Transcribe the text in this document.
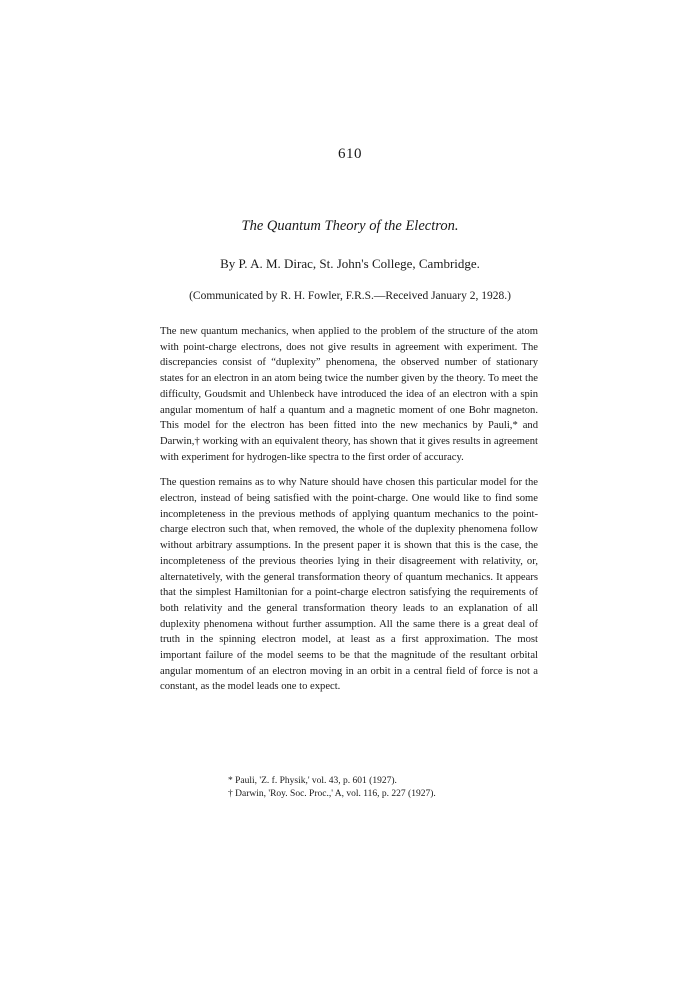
610
The Quantum Theory of the Electron.
By P. A. M. Dirac, St. John's College, Cambridge.
(Communicated by R. H. Fowler, F.R.S.—Received January 2, 1928.)

The new quantum mechanics, when applied to the problem of the structure of the atom with point-charge electrons, does not give results in agreement with experiment. The discrepancies consist of “duplexity” phenomena, the observed number of stationary states for an electron in an atom being twice the number given by the theory. To meet the difficulty, Goudsmit and Uhlenbeck have introduced the idea of an electron with a spin angular momentum of half a quantum and a magnetic moment of one Bohr magneton. This model for the electron has been fitted into the new mechanics by Pauli,* and Darwin,† working with an equivalent theory, has shown that it gives results in agreement with experiment for hydrogen-like spectra to the first order of accuracy.

The question remains as to why Nature should have chosen this particular model for the electron, instead of being satisfied with the point-charge. One would like to find some incompleteness in the previous methods of applying quantum mechanics to the point-charge electron such that, when removed, the whole of the duplexity phenomena follow without arbitrary assumptions. In the present paper it is shown that this is the case, the incompleteness of the previous theories lying in their disagreement with relativity, or, alternatetively, with the general transformation theory of quantum mechanics. It appears that the simplest Hamiltonian for a point-charge electron satisfying the requirements of both relativity and the general transformation theory leads to an explanation of all duplexity phenomena without further assumption. All the same there is a great deal of truth in the spinning electron model, at least as a first approximation. The most important failure of the model seems to be that the magnitude of the resultant orbital angular momentum of an electron moving in an orbit in a central field of force is not a constant, as the model leads one to expect.

* Pauli, 'Z. f. Physik,' vol. 43, p. 601 (1927).
† Darwin, 'Roy. Soc. Proc.,' A, vol. 116, p. 227 (1927).
